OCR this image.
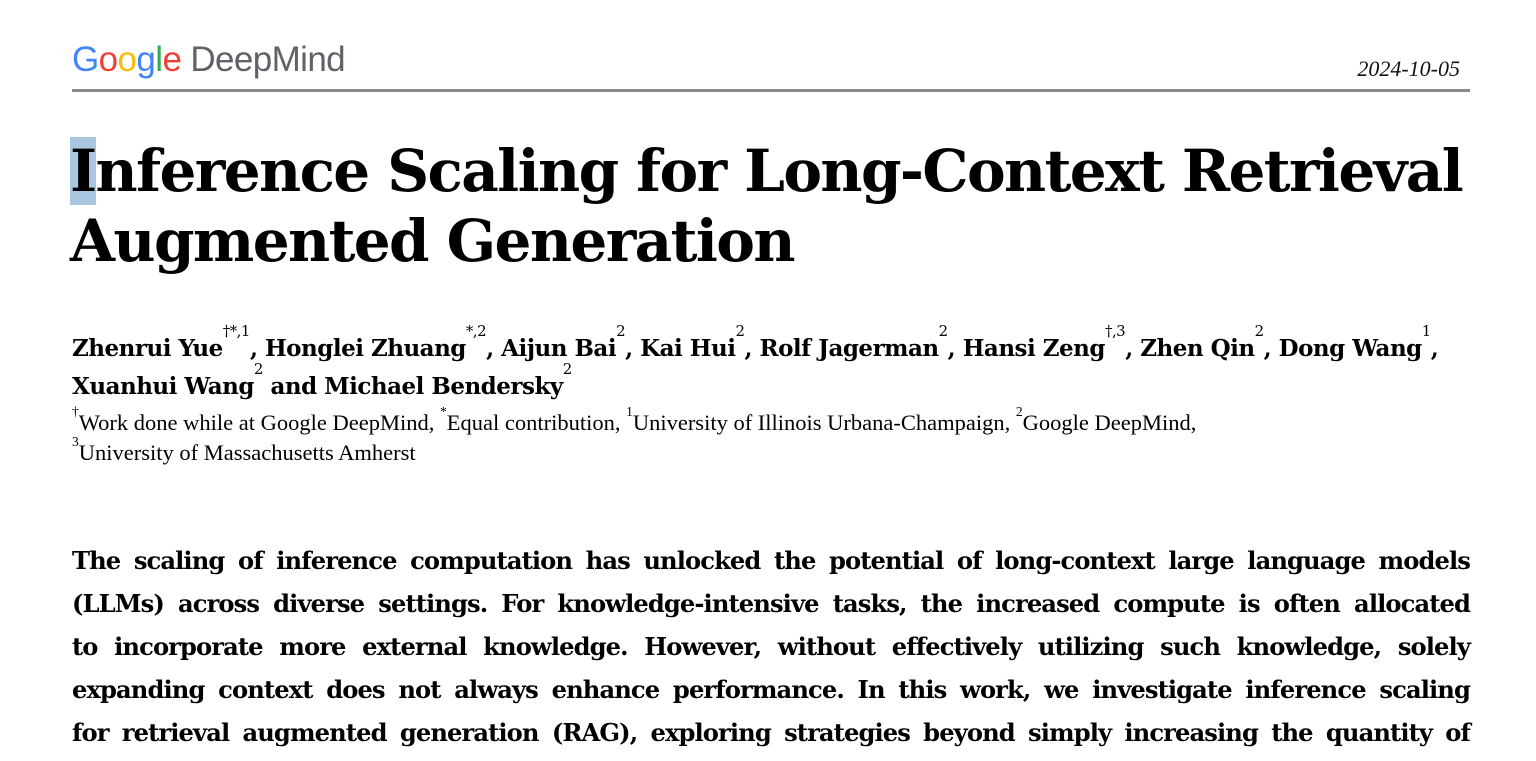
Google DeepMind	2024-10-05
Inference Scaling for Long-Context Retrieval
Augmented Generation
Zhenrui Yue$^{\dagger*,1}$, Honglei Zhuang$^{*,2}$, Aijun Bai$^2$, Kai Hui$^2$, Rolf Jagerman$^2$, Hansi Zeng$^{\dagger,3}$, Zhen Qin$^2$, Dong Wang$^1$, Xuanhui Wang$^2$ and Michael Bendersky$^2$
†Work done while at Google DeepMind, *Equal contribution, $^1$University of Illinois Urbana-Champaign, $^2$Google DeepMind,
$^3$University of Massachusetts Amherst

The scaling of inference computation has unlocked the potential of long-context large language models
(LLMs) across diverse settings. For knowledge-intensive tasks, the increased compute is often allocated
to incorporate more external knowledge. However, without effectively utilizing such knowledge, solely
expanding context does not always enhance performance. In this work, we investigate inference scaling
for retrieval augmented generation (RAG), exploring strategies beyond simply increasing the quantity of
